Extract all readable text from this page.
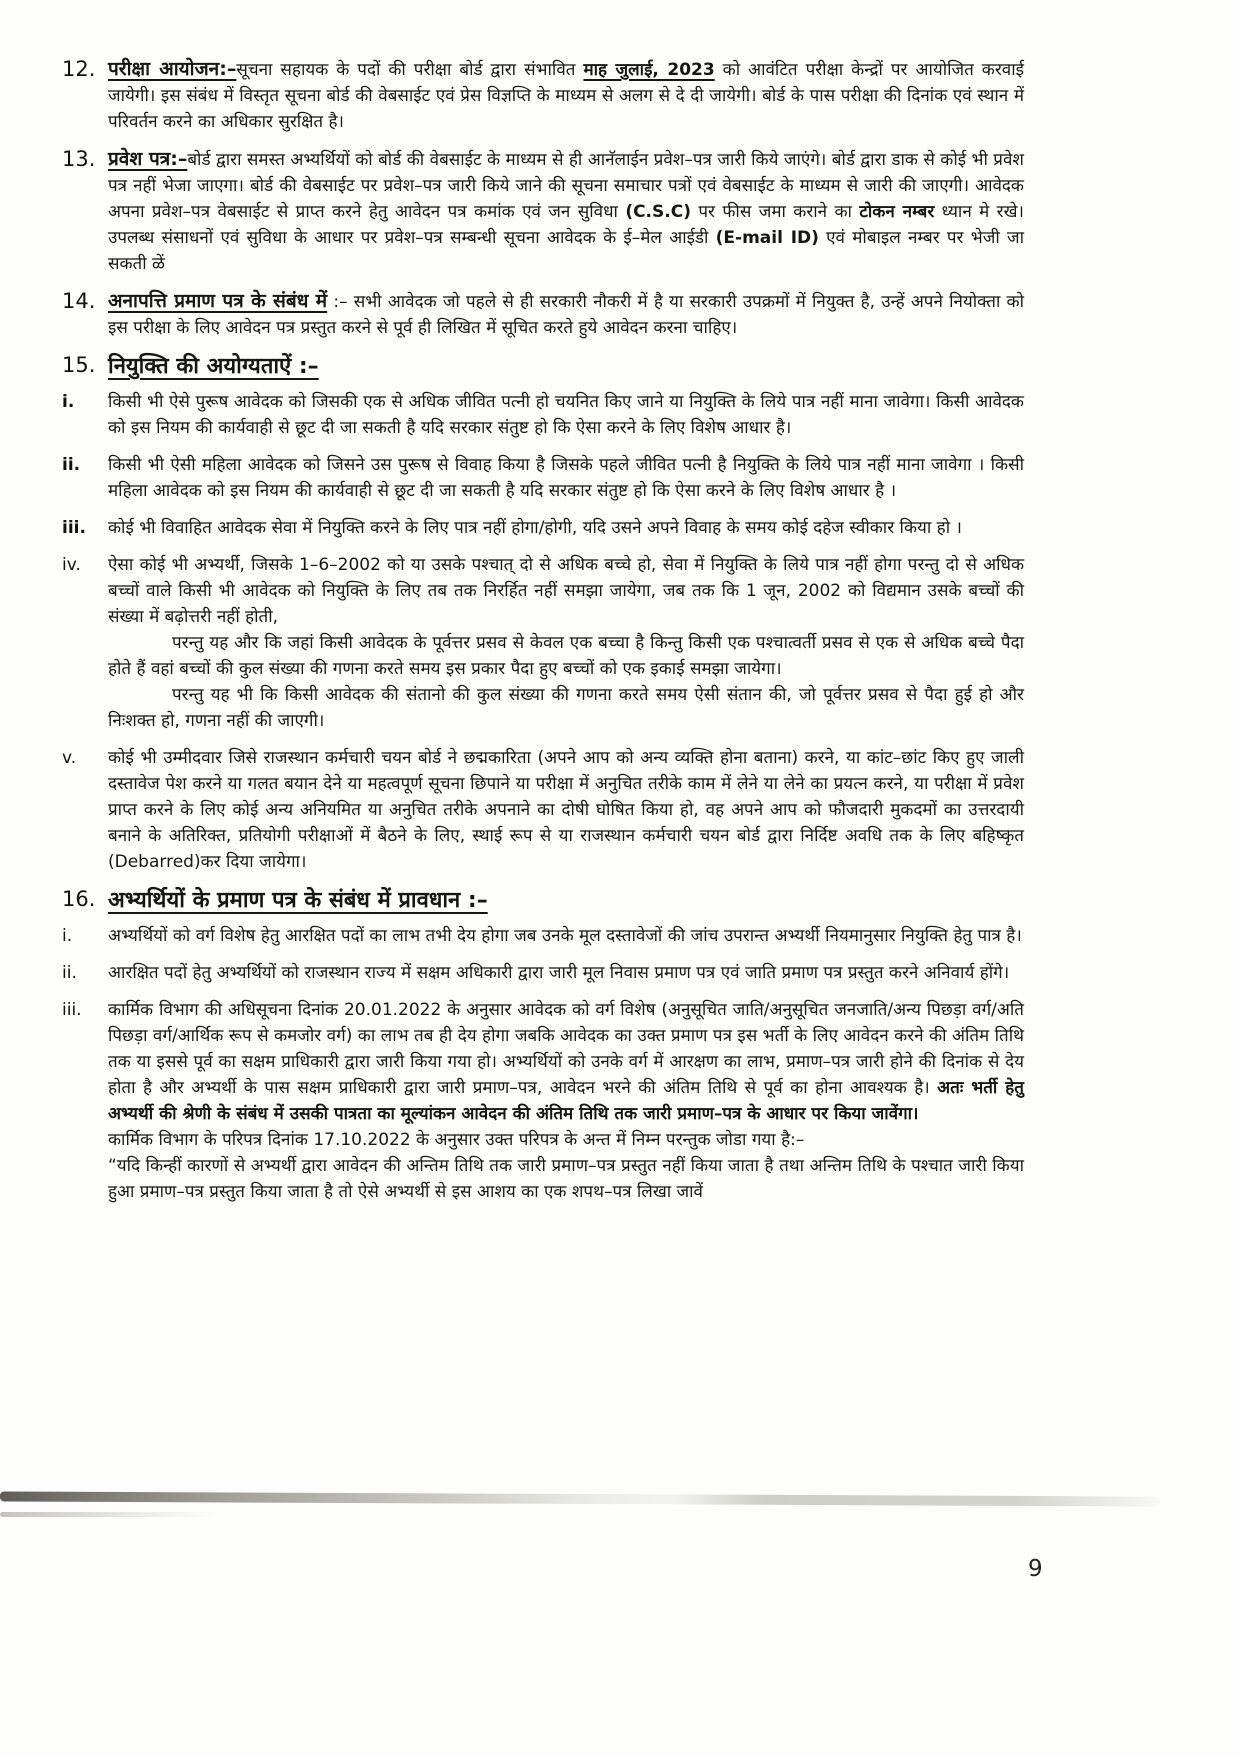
12. परीक्षा आयोजन:–सूचना सहायक के पदों की परीक्षा बोर्ड द्वारा संभावित माह जुलाई, 2023 को आवंटित परीक्षा केन्द्रों पर आयोजित करवाई जायेगी। इस संबंध में विस्तृत सूचना बोर्ड की वेबसाईट एवं प्रेस विज्ञप्ति के माध्यम से अलग से दे दी जायेगी। बोर्ड के पास परीक्षा की दिनांक एवं स्थान में परिवर्तन करने का अधिकार सुरक्षित है।
13. प्रवेश पत्र:–बोर्ड द्वारा समस्त अभ्यर्थियों को बोर्ड की वेबसाईट के माध्यम से ही आनॅलाईन प्रवेश–पत्र जारी किये जाएंगे। बोर्ड द्वारा डाक से कोई भी प्रवेश पत्र नहीं भेजा जाएगा। बोर्ड की वेबसाईट पर प्रवेश–पत्र जारी किये जाने की सूचना समाचार पत्रों एवं वेबसाईट के माध्यम से जारी की जाएगी। आवेदक अपना प्रवेश–पत्र वेबसाईट से प्राप्त करने हेतु आवेदन पत्र कमांक एवं जन सुविधा (C.S.C) पर फीस जमा कराने का टोकन नम्बर ध्यान मे रखे। उपलब्ध संसाधनों एवं सुविधा के आधार पर प्रवेश–पत्र सम्बन्धी सूचना आवेदक के ई–मेल आईडी (E-mail ID) एवं मोबाइल नम्बर पर भेजी जा सकती ळें
14. अनापत्ति प्रमाण पत्र के संबंध में :– सभी आवेदक जो पहले से ही सरकारी नौकरी में है या सरकारी उपक्रमों में नियुक्त है, उन्हें अपने नियोक्ता को इस परीक्षा के लिए आवेदन पत्र प्रस्तुत करने से पूर्व ही लिखित में सूचित करते हुये आवेदन करना चाहिए।
15. नियुक्ति की अयोग्यताऐं :–
i.	किसी भी ऐसे पुरूष आवेदक को जिसकी एक से अधिक जीवित पत्नी हो चयनित किए जाने या नियुक्ति के लिये पात्र नहीं माना जावेगा। किसी आवेदक को इस नियम की कार्यवाही से छूट दी जा सकती है यदि सरकार संतुष्ट हो कि ऐसा करने के लिए विशेष आधार है।
ii.	किसी भी ऐसी महिला आवेदक को जिसने उस पुरूष से विवाह किया है जिसके पहले जीवित पत्नी है नियुक्ति के लिये पात्र नहीं माना जावेगा । किसी महिला आवेदक को इस नियम की कार्यवाही से छूट दी जा सकती है यदि सरकार संतुष्ट हो कि ऐसा करने के लिए विशेष आधार है ।
iii.	कोई भी विवाहित आवेदक सेवा में नियुक्ति करने के लिए पात्र नहीं होगा/होगी, यदि उसने अपने विवाह के समय कोई दहेज स्वीकार किया हो ।
iv.	ऐसा कोई भी अभ्यर्थी, जिसके 1–6–2002 को या उसके पश्चात् दो से अधिक बच्चे हो, सेवा में नियुक्ति के लिये पात्र नहीं होगा परन्तु दो से अधिक बच्चों वाले किसी भी आवेदक को नियुक्ति के लिए तब तक निरर्हित नहीं समझा जायेगा, जब तक कि 1 जून, 2002 को विद्यमान उसके बच्चों की संख्या में बढ़ोत्तरी नहीं होती,

परन्तु यह और कि जहां किसी आवेदक के पूर्वत्तर प्रसव से केवल एक बच्चा है किन्तु किसी एक पश्चात्वर्ती प्रसव से एक से अधिक बच्चे पैदा होते हैं वहां बच्चों की कुल संख्या की गणना करते समय इस प्रकार पैदा हुए बच्चों को एक इकाई समझा जायेगा।

परन्तु यह भी कि किसी आवेदक की संतानो की कुल संख्या की गणना करते समय ऐसी संतान की, जो पूर्वत्तर प्रसव से पैदा हुई हो और निःशक्त हो, गणना नहीं की जाएगी।

v.	कोई भी उम्मीदवार जिसे राजस्थान कर्मचारी चयन बोर्ड ने छद्मकारिता (अपने आप को अन्य व्यक्ति होना बताना) करने, या कांट–छांट किए हुए जाली दस्तावेज पेश करने या गलत बयान देने या महत्वपूर्ण सूचना छिपाने या परीक्षा में अनुचित तरीके काम में लेने या लेने का प्रयत्न करने, या परीक्षा में प्रवेश प्राप्त करने के लिए कोई अन्य अनियमित या अनुचित तरीके अपनाने का दोषी घोषित किया हो, वह अपने आप को फौजदारी मुकदमों का उत्तरदायी बनाने के अतिरिक्त, प्रतियोगी परीक्षाओं में बैठने के लिए, स्थाई रूप से या राजस्थान कर्मचारी चयन बोर्ड द्वारा निर्दिष्ट अवधि तक के लिए बहिष्कृत (Debarred)कर दिया जायेगा।
16. अभ्यर्थियों के प्रमाण पत्र के संबंध में प्रावधान :–
i.	अभ्यर्थियों को वर्ग विशेष हेतु आरक्षित पदों का लाभ तभी देय होगा जब उनके मूल दस्तावेजों की जांच उपरान्त अभ्यर्थी नियमानुसार नियुक्ति हेतु पात्र है।
ii.	आरक्षित पदों हेतु अभ्यर्थियों को राजस्थान राज्य में सक्षम अधिकारी द्वारा जारी मूल निवास प्रमाण पत्र एवं जाति प्रमाण पत्र प्रस्तुत करने अनिवार्य होंगे।
iii.	कार्मिक विभाग की अधिसूचना दिनांक 20.01.2022 के अनुसार आवेदक को वर्ग विशेष (अनुसूचित जाति/अनुसूचित जनजाति/अन्य पिछड़ा वर्ग/अति पिछड़ा वर्ग/आर्थिक रूप से कमजोर वर्ग) का लाभ तब ही देय होगा जबकि आवेदक का उक्त प्रमाण पत्र इस भर्ती के लिए आवेदन करने की अंतिम तिथि तक या इससे पूर्व का सक्षम प्राधिकारी द्वारा जारी किया गया हो। अभ्यर्थियों को उनके वर्ग में आरक्षण का लाभ, प्रमाण–पत्र जारी होने की दिनांक से देय होता है और अभ्यर्थी के पास सक्षम प्राधिकारी द्वारा जारी प्रमाण–पत्र, आवेदन भरने की अंतिम तिथि से पूर्व का होना आवश्यक है। अतः भर्ती हेतु अभ्यर्थी की श्रेणी के संबंध में उसकी पात्रता का मूल्यांकन आवेदन की अंतिम तिथि तक जारी प्रमाण–पत्र के आधार पर किया जावेंगा।

कार्मिक विभाग के परिपत्र दिनांक 17.10.2022 के अनुसार उक्त परिपत्र के अन्त में निम्न परन्तुक जोडा गया है:–

“यदि किन्हीं कारणों से अभ्यर्थी द्वारा आवेदन की अन्तिम तिथि तक जारी प्रमाण–पत्र प्रस्तुत नहीं किया जाता है तथा अन्तिम तिथि के पश्चात जारी किया हुआ प्रमाण–पत्र प्रस्तुत किया जाता है तो ऐसे अभ्यर्थी से इस आशय का एक शपथ–पत्र लिखा जावें

9
